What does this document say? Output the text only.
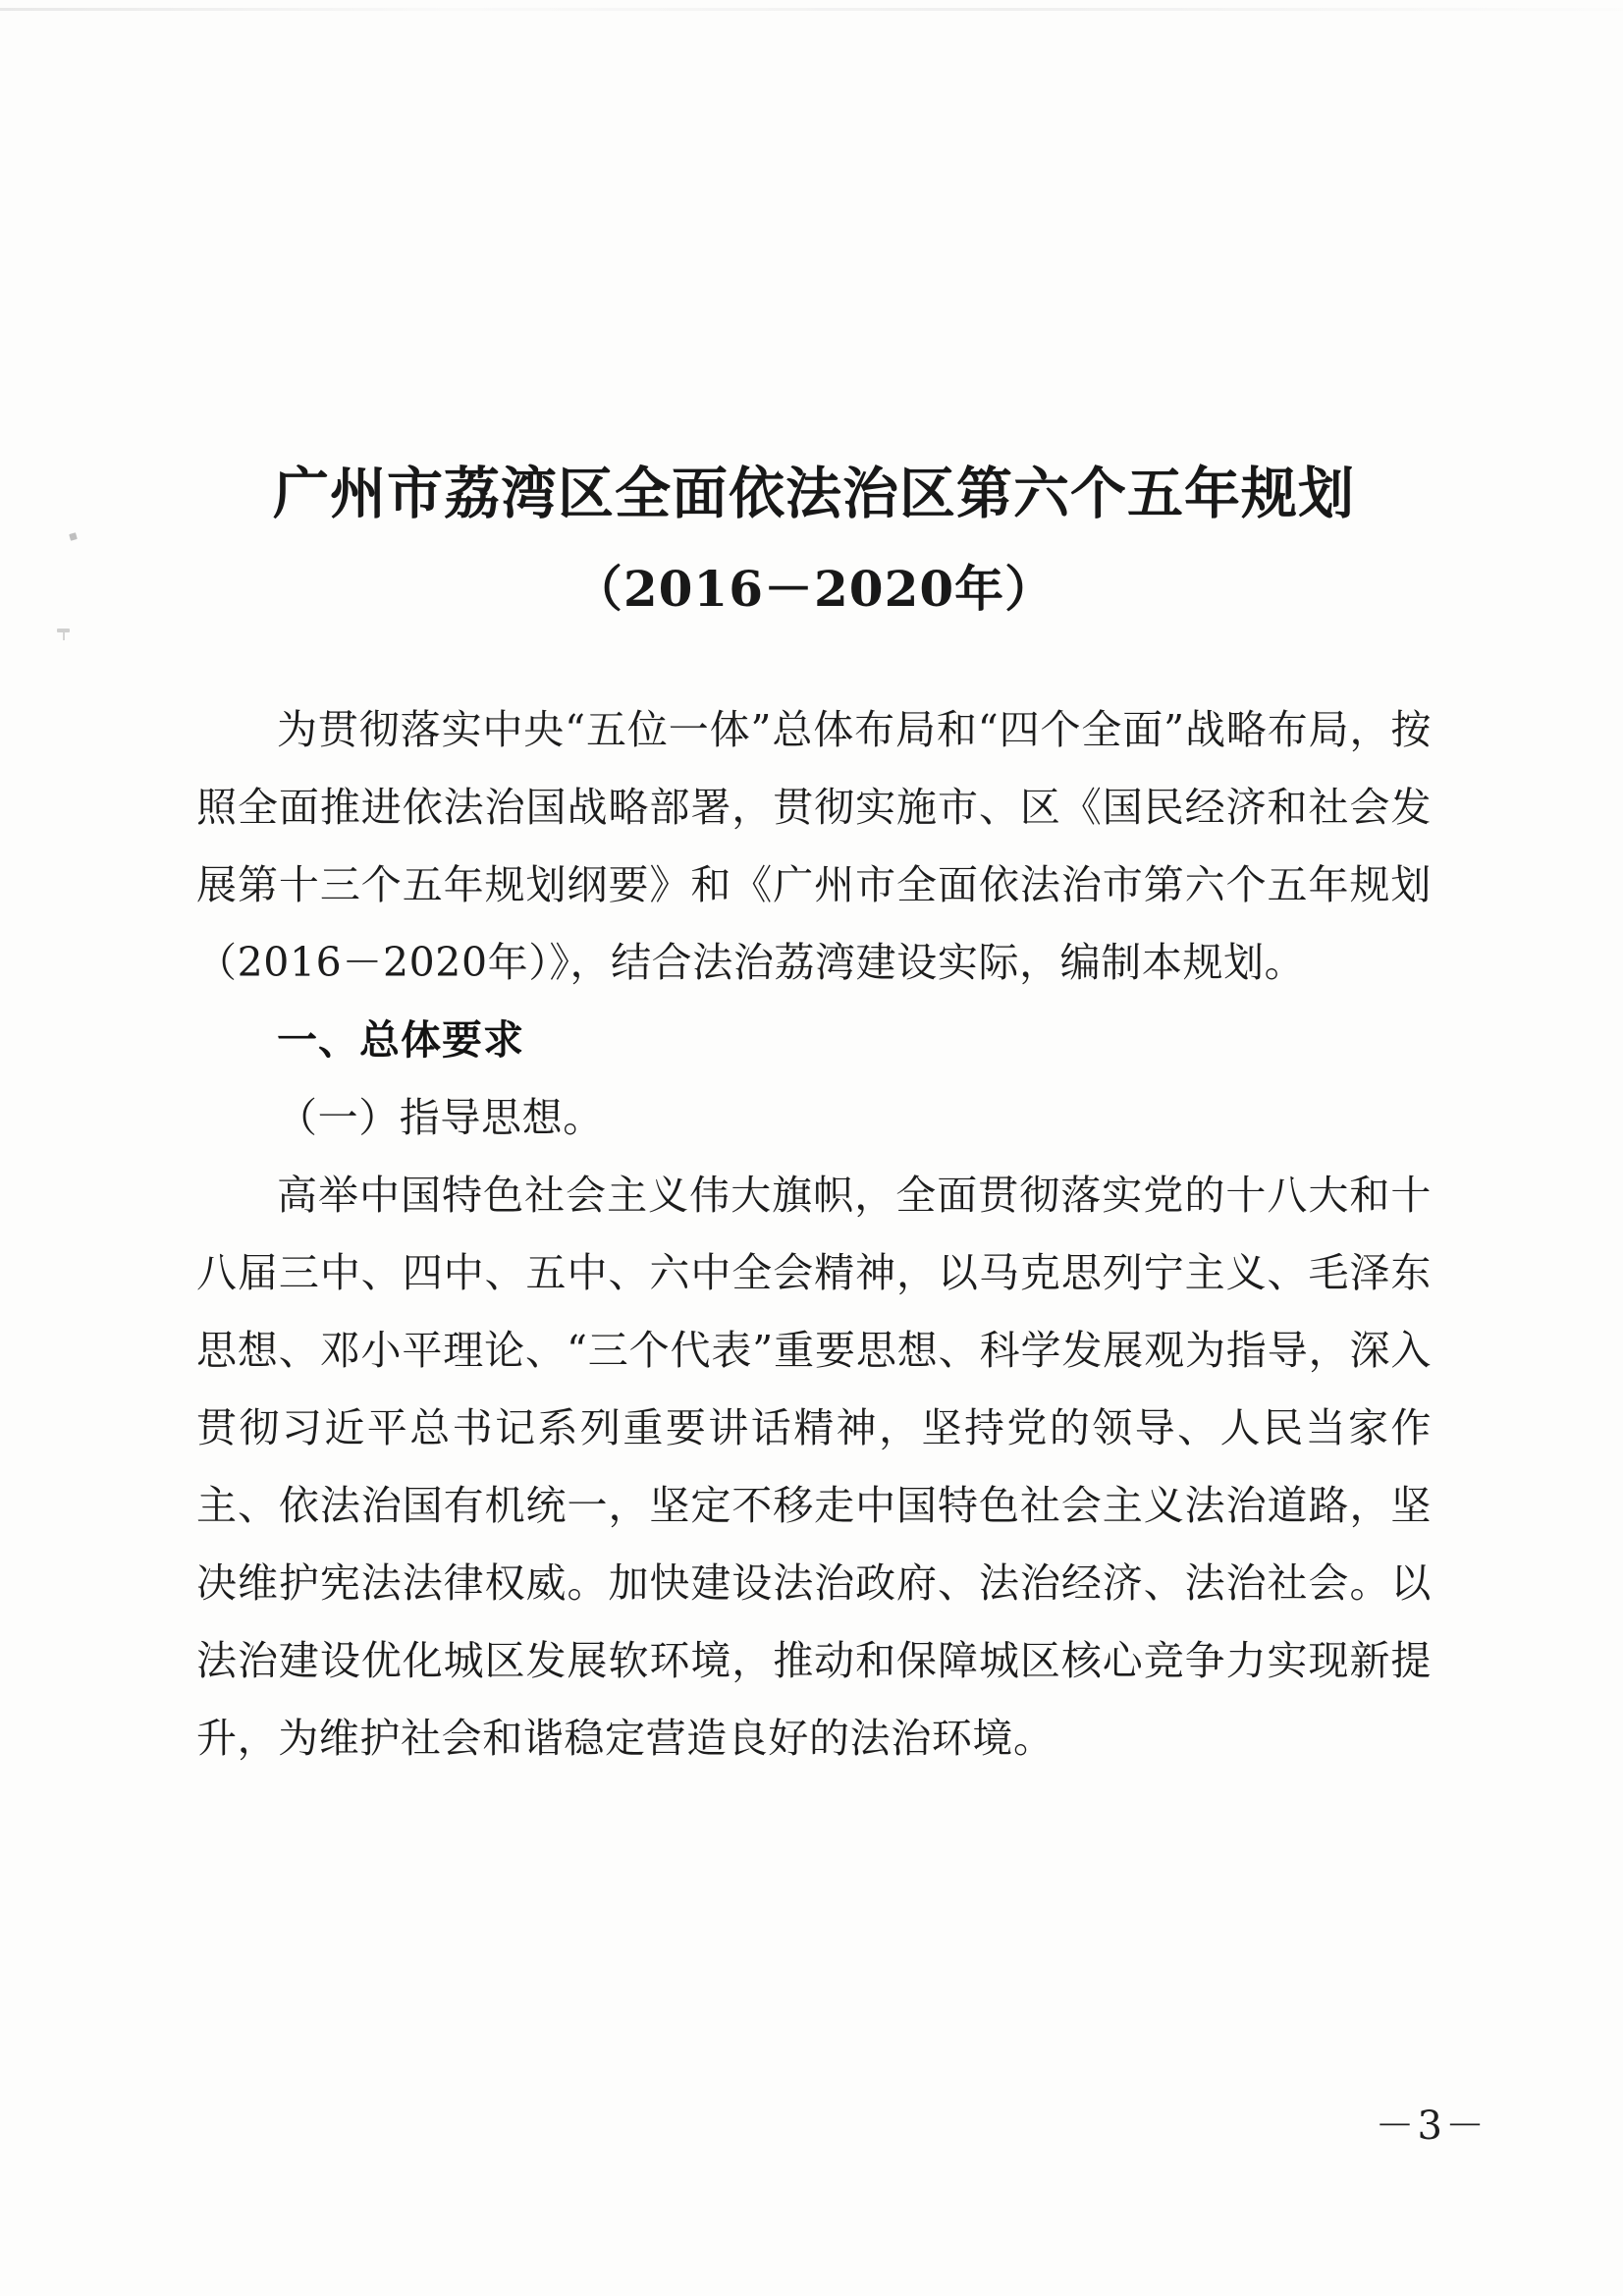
广州市荔湾区全面依法治区第六个五年规划
（2016－2020年）

为贯彻落实中央“五位一体”总体布局和“四个全面”战略布局，按照全面推进依法治国战略部署，贯彻实施市、区《国民经济和社会发展第十三个五年规划纲要》和《广州市全面依法治市第六个五年规划（2016－2020年）》，结合法治荔湾建设实际，编制本规划。

一、总体要求
（一）指导思想。

高举中国特色社会主义伟大旗帜，全面贯彻落实党的十八大和十八届三中、四中、五中、六中全会精神，以马克思列宁主义、毛泽东思想、邓小平理论、“三个代表”重要思想、科学发展观为指导，深入贯彻习近平总书记系列重要讲话精神，坚持党的领导、人民当家作主、依法治国有机统一，坚定不移走中国特色社会主义法治道路，坚决维护宪法法律权威。加快建设法治政府、法治经济、法治社会。以法治建设优化城区发展软环境，推动和保障城区核心竞争力实现新提升，为维护社会和谐稳定营造良好的法治环境。

－3－
